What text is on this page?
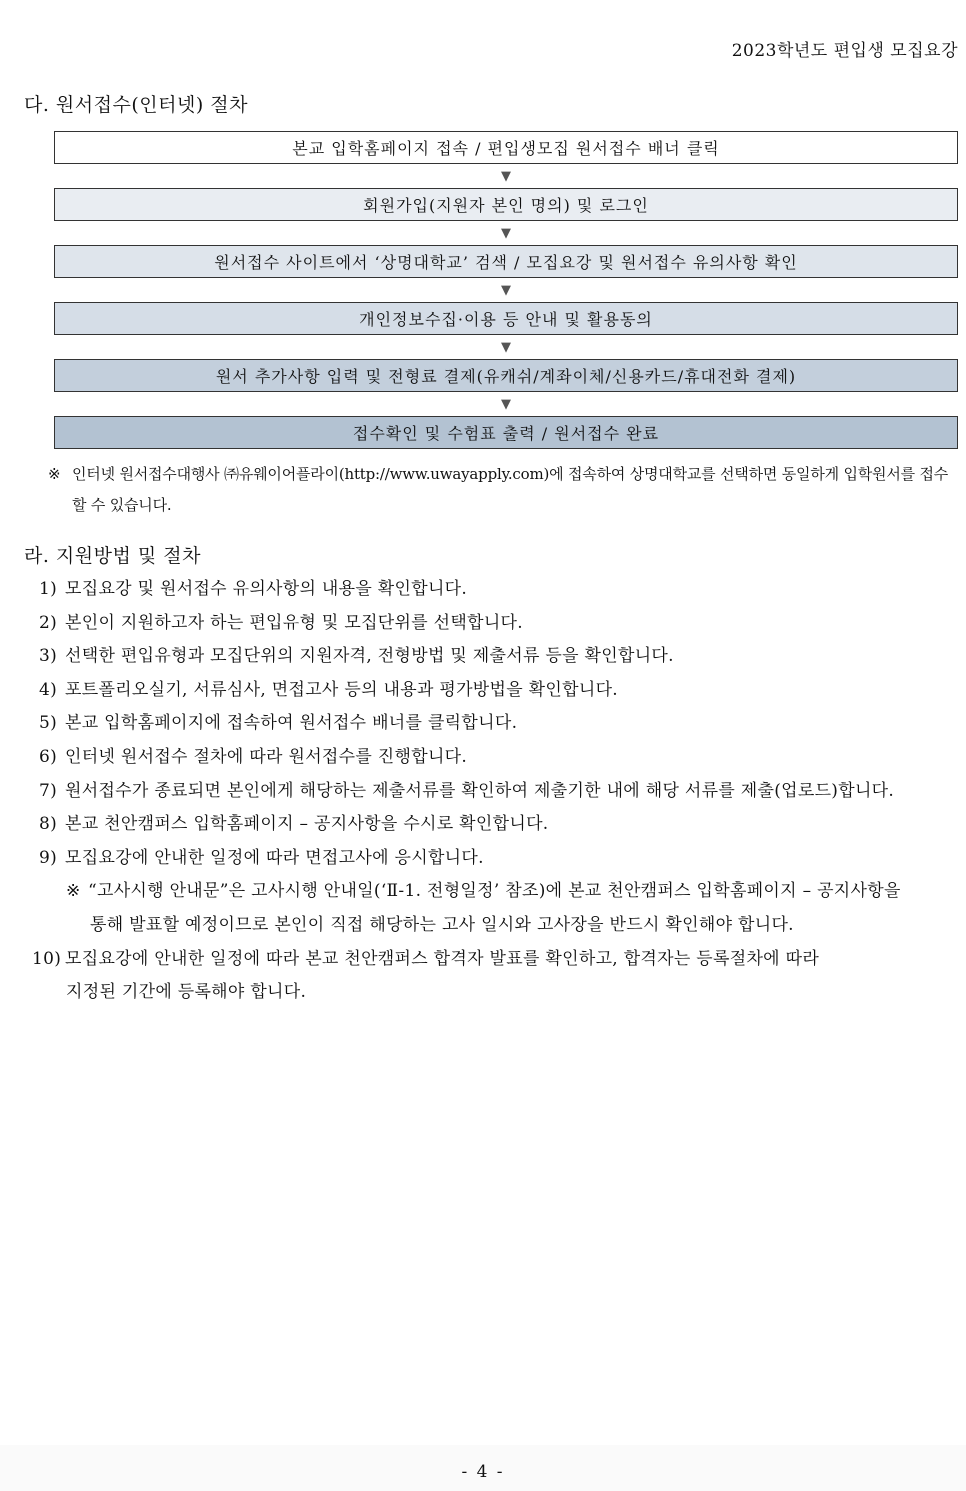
2023학년도 편입생 모집요강
다. 원서접수(인터넷) 절차
본교 입학홈페이지 접속 / 편입생모집 원서접수 배너 클릭
▼
회원가입(지원자 본인 명의) 및 로그인
▼
원서접수 사이트에서 ‘상명대학교’ 검색 / 모집요강 및 원서접수 유의사항 확인
▼
개인정보수집·이용 등 안내 및 활용동의
▼
원서 추가사항 입력 및 전형료 결제(유캐쉬/계좌이체/신용카드/휴대전화 결제)
▼
접수확인 및 수험표 출력 / 원서접수 완료
※ 인터넷 원서접수대행사 ㈜유웨이어플라이(http://www.uwayapply.com)에 접속하여 상명대학교를 선택하면 동일하게 입학원서를 접수할 수 있습니다.
라. 지원방법 및 절차
1) 모집요강 및 원서접수 유의사항의 내용을 확인합니다.
2) 본인이 지원하고자 하는 편입유형 및 모집단위를 선택합니다.
3) 선택한 편입유형과 모집단위의 지원자격, 전형방법 및 제출서류 등을 확인합니다.
4) 포트폴리오실기, 서류심사, 면접고사 등의 내용과 평가방법을 확인합니다.
5) 본교 입학홈페이지에 접속하여 원서접수 배너를 클릭합니다.
6) 인터넷 원서접수 절차에 따라 원서접수를 진행합니다.
7) 원서접수가 종료되면 본인에게 해당하는 제출서류를 확인하여 제출기한 내에 해당 서류를 제출(업로드)합니다.
8) 본교 천안캠퍼스 입학홈페이지 – 공지사항을 수시로 확인합니다.
9) 모집요강에 안내한 일정에 따라 면접고사에 응시합니다.
※ “고사시행 안내문”은 고사시행 안내일(‘Ⅱ-1. 전형일정’ 참조)에 본교 천안캠퍼스 입학홈페이지 – 공지사항을
통해 발표할 예정이므로 본인이 직접 해당하는 고사 일시와 고사장을 반드시 확인해야 합니다.
10) 모집요강에 안내한 일정에 따라 본교 천안캠퍼스 합격자 발표를 확인하고, 합격자는 등록절차에 따라
지정된 기간에 등록해야 합니다.
- 4 -
